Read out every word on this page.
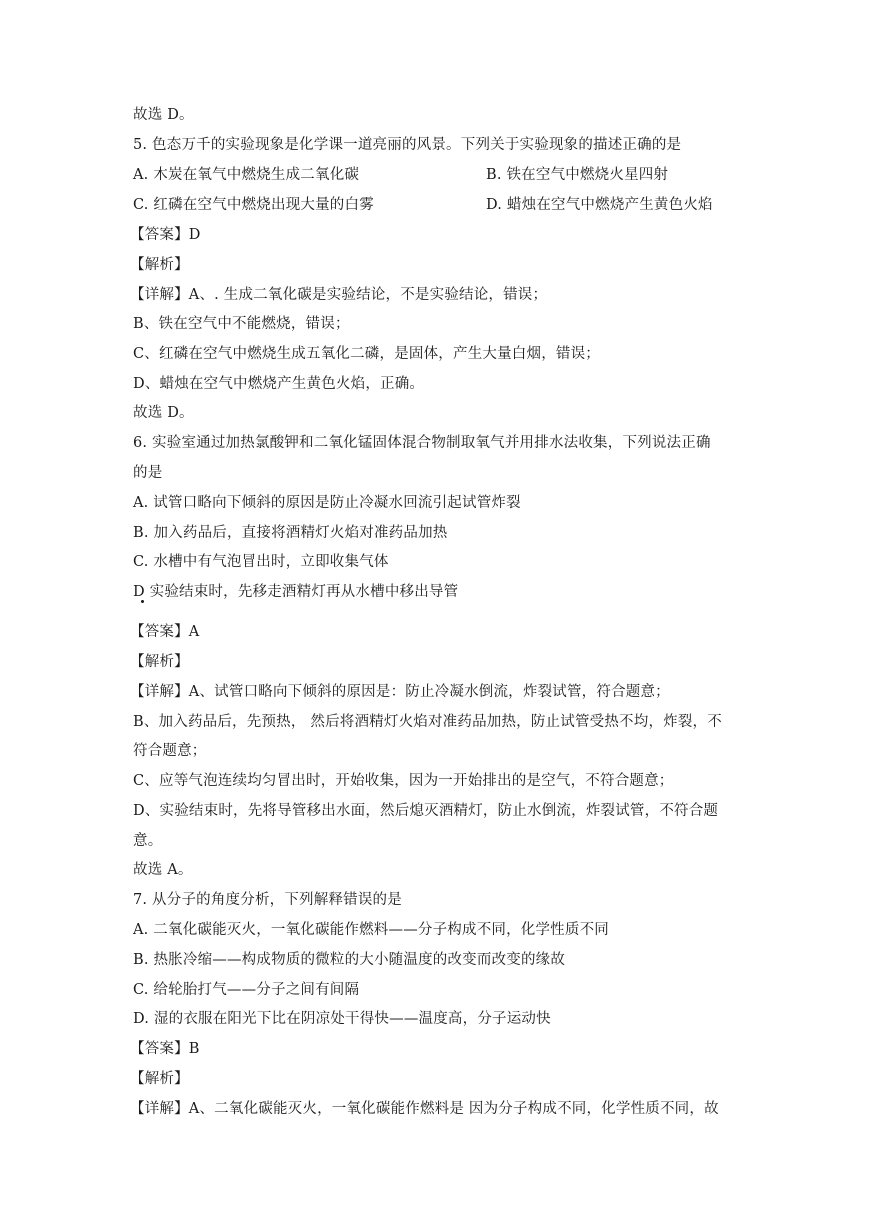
故选 D。
5. 色态万千的实验现象是化学课一道亮丽的风景。下列关于实验现象的描述正确的是
A. 木炭在氧气中燃烧生成二氧化碳	B. 铁在空气中燃烧火星四射
C. 红磷在空气中燃烧出现大量的白雾	D. 蜡烛在空气中燃烧产生黄色火焰
【答案】D
【解析】
【详解】A、. 生成二氧化碳是实验结论，不是实验结论，错误；
B、铁在空气中不能燃烧，错误；
C、红磷在空气中燃烧生成五氧化二磷，是固体，产生大量白烟，错误；
D、蜡烛在空气中燃烧产生黄色火焰，正确。
故选 D。
6. 实验室通过加热氯酸钾和二氧化锰固体混合物制取氧气并用排水法收集，下列说法正确
的是
A. 试管口略向下倾斜的原因是防止冷凝水回流引起试管炸裂
B. 加入药品后，直接将酒精灯火焰对准药品加热
C. 水槽中有气泡冒出时，立即收集气体
D 实验结束时，先移走酒精灯再从水槽中移出导管
【答案】A
【解析】
【详解】A、试管口略向下倾斜的原因是：防止冷凝水倒流，炸裂试管，符合题意；
B、加入药品后，先预热， 然后将酒精灯火焰对准药品加热，防止试管受热不均，炸裂，不
符合题意；
C、应等气泡连续均匀冒出时，开始收集，因为一开始排出的是空气，不符合题意；
D、实验结束时，先将导管移出水面，然后熄灭酒精灯，防止水倒流，炸裂试管，不符合题
意。
故选 A。
7. 从分子的角度分析，下列解释错误的是
A. 二氧化碳能灭火，一氧化碳能作燃料——分子构成不同，化学性质不同
B. 热胀冷缩——构成物质的微粒的大小随温度的改变而改变的缘故
C. 给轮胎打气——分子之间有间隔
D. 湿的衣服在阳光下比在阴凉处干得快——温度高，分子运动快
【答案】B
【解析】
【详解】A、二氧化碳能灭火，一氧化碳能作燃料是 因为分子构成不同，化学性质不同，故
